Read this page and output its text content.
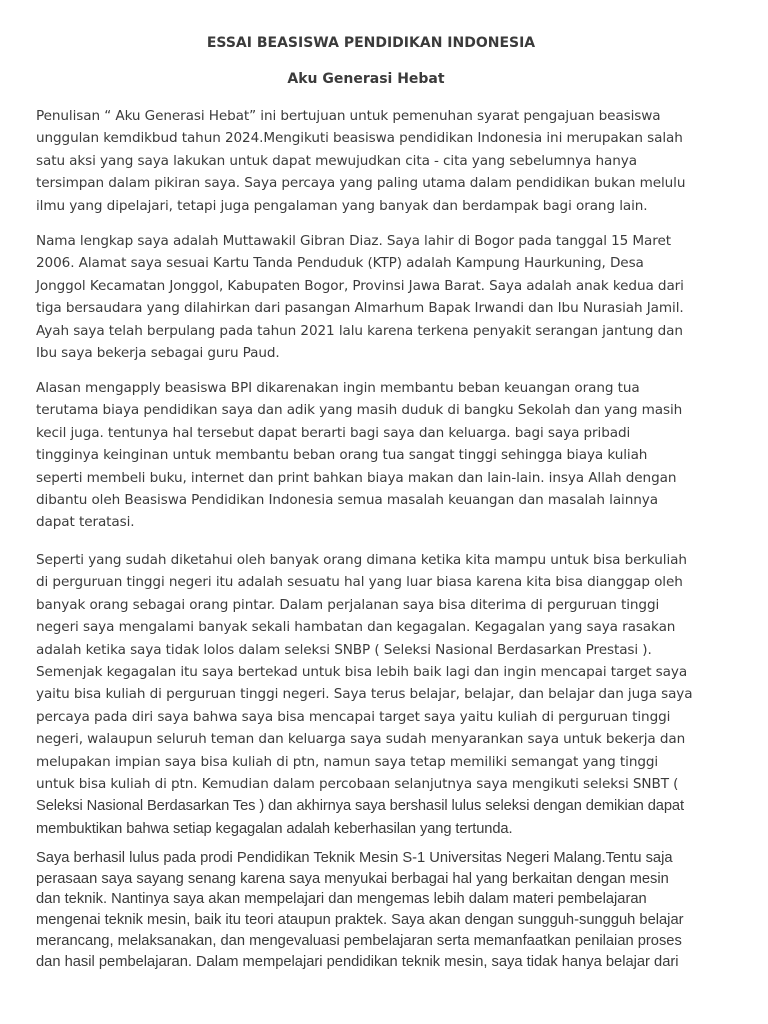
ESSAI BEASISWA PENDIDIKAN INDONESIA
Aku Generasi Hebat

Penulisan “ Aku Generasi Hebat” ini bertujuan untuk pemenuhan syarat pengajuan beasiswa
unggulan kemdikbud tahun 2024.Mengikuti beasiswa pendidikan Indonesia ini merupakan salah
satu aksi yang saya lakukan untuk dapat mewujudkan cita - cita yang sebelumnya hanya
tersimpan dalam pikiran saya. Saya percaya yang paling utama dalam pendidikan bukan melulu
ilmu yang dipelajari, tetapi juga pengalaman yang banyak dan berdampak bagi orang lain.

Nama lengkap saya adalah Muttawakil Gibran Diaz. Saya lahir di Bogor pada tanggal 15 Maret
2006. Alamat saya sesuai Kartu Tanda Penduduk (KTP) adalah Kampung Haurkuning, Desa
Jonggol Kecamatan Jonggol, Kabupaten Bogor, Provinsi Jawa Barat. Saya adalah anak kedua dari
tiga bersaudara yang dilahirkan dari pasangan Almarhum Bapak Irwandi dan Ibu Nurasiah Jamil.
Ayah saya telah berpulang pada tahun 2021 lalu karena terkena penyakit serangan jantung dan
Ibu saya bekerja sebagai guru Paud.

Alasan mengapply beasiswa BPI dikarenakan ingin membantu beban keuangan orang tua
terutama biaya pendidikan saya dan adik yang masih duduk di bangku Sekolah dan yang masih
kecil juga. tentunya hal tersebut dapat berarti bagi saya dan keluarga. bagi saya pribadi
tingginya keinginan untuk membantu beban orang tua sangat tinggi sehingga biaya kuliah
seperti membeli buku, internet dan print bahkan biaya makan dan lain-lain. insya Allah dengan
dibantu oleh Beasiswa Pendidikan Indonesia semua masalah keuangan dan masalah lainnya
dapat teratasi.

Seperti yang sudah diketahui oleh banyak orang dimana ketika kita mampu untuk bisa berkuliah
di perguruan tinggi negeri itu adalah sesuatu hal yang luar biasa karena kita bisa dianggap oleh
banyak orang sebagai orang pintar. Dalam perjalanan saya bisa diterima di perguruan tinggi
negeri saya mengalami banyak sekali hambatan dan kegagalan. Kegagalan yang saya rasakan
adalah ketika saya tidak lolos dalam seleksi SNBP ( Seleksi Nasional Berdasarkan Prestasi ).
Semenjak kegagalan itu saya bertekad untuk bisa lebih baik lagi dan ingin mencapai target saya
yaitu bisa kuliah di perguruan tinggi negeri. Saya terus belajar, belajar, dan belajar dan juga saya
percaya pada diri saya bahwa saya bisa mencapai target saya yaitu kuliah di perguruan tinggi
negeri, walaupun seluruh teman dan keluarga saya sudah menyarankan saya untuk bekerja dan
melupakan impian saya bisa kuliah di ptn, namun saya tetap memiliki semangat yang tinggi
untuk bisa kuliah di ptn. Kemudian dalam percobaan selanjutnya saya mengikuti seleksi SNBT (
Seleksi Nasional Berdasarkan Tes ) dan akhirnya saya bershasil lulus seleksi dengan demikian dapat
membuktikan bahwa setiap kegagalan adalah keberhasilan yang tertunda.

Saya berhasil lulus pada prodi Pendidikan Teknik Mesin S-1 Universitas Negeri Malang.Tentu saja
perasaan saya sayang senang karena saya menyukai berbagai hal yang berkaitan dengan mesin
dan teknik. Nantinya saya akan mempelajari dan mengemas lebih dalam materi pembelajaran
mengenai teknik mesin, baik itu teori ataupun praktek. Saya akan dengan sungguh-sungguh belajar
merancang, melaksanakan, dan mengevaluasi pembelajaran serta memanfaatkan penilaian proses
dan hasil pembelajaran. Dalam mempelajari pendidikan teknik mesin, saya tidak hanya belajar dari
